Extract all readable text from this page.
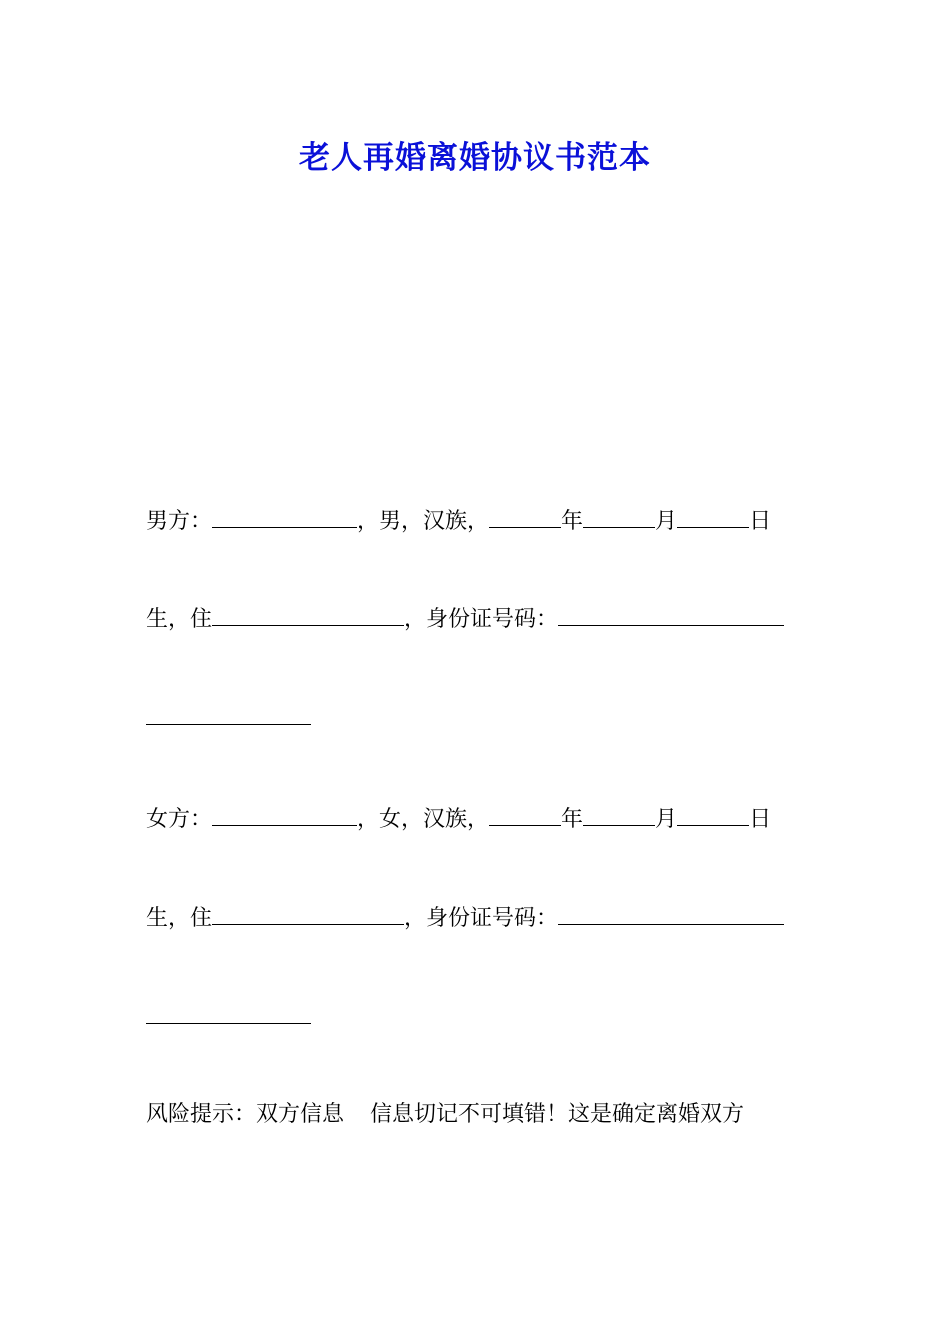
老人再婚离婚协议书范本
男方：	，男，汉族，	年	月	日
生，住	，身份证号码：
女方：	，女，汉族，	年	月	日
生，住	，身份证号码：
风险提示：双方信息 信息切记不可填错！这是确定离婚双方
